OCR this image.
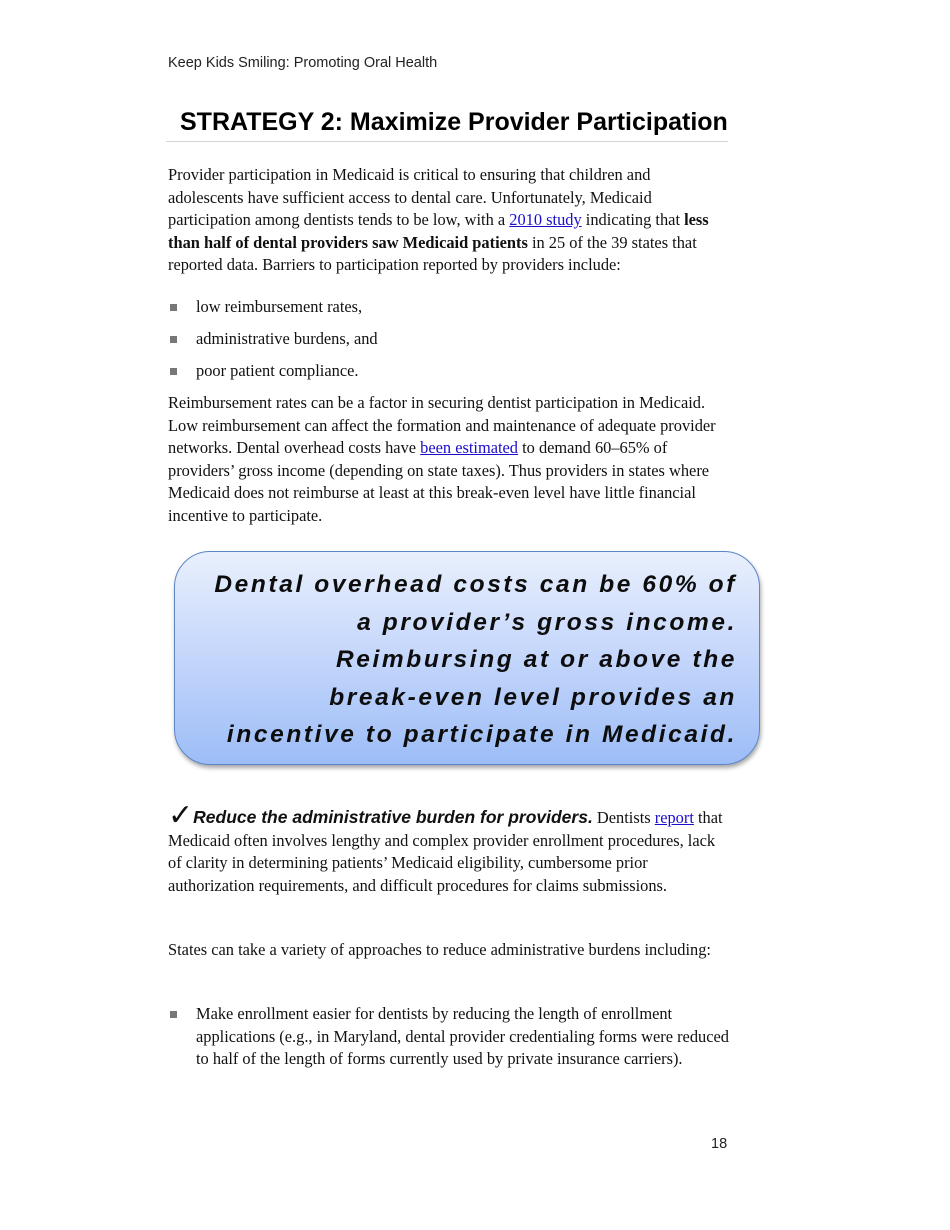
Keep Kids Smiling: Promoting Oral Health
STRATEGY 2: Maximize Provider Participation

Provider participation in Medicaid is critical to ensuring that children and adolescents have sufficient access to dental care. Unfortunately, Medicaid participation among dentists tends to be low, with a 2010 study indicating that less than half of dental providers saw Medicaid patients in 25 of the 39 states that reported data. Barriers to participation reported by providers include:

low reimbursement rates,
administrative burdens, and
poor patient compliance.

Reimbursement rates can be a factor in securing dentist participation in Medicaid. Low reimbursement can affect the formation and maintenance of adequate provider networks. Dental overhead costs have been estimated to demand 60–65% of providers’ gross income (depending on state taxes). Thus providers in states where Medicaid does not reimburse at least at this break-even level have little financial incentive to participate.

Dental overhead costs can be 60% of
a provider’s gross income.
Reimbursing at or above the
break-even level provides an
incentive to participate in Medicaid.

✓Reduce the administrative burden for providers. Dentists report that Medicaid often involves lengthy and complex provider enrollment procedures, lack of clarity in determining patients’ Medicaid eligibility, cumbersome prior authorization requirements, and difficult procedures for claims submissions.

States can take a variety of approaches to reduce administrative burdens including:

Make enrollment easier for dentists by reducing the length of enrollment applications (e.g., in Maryland, dental provider credentialing forms were reduced to half of the length of forms currently used by private insurance carriers).
18
